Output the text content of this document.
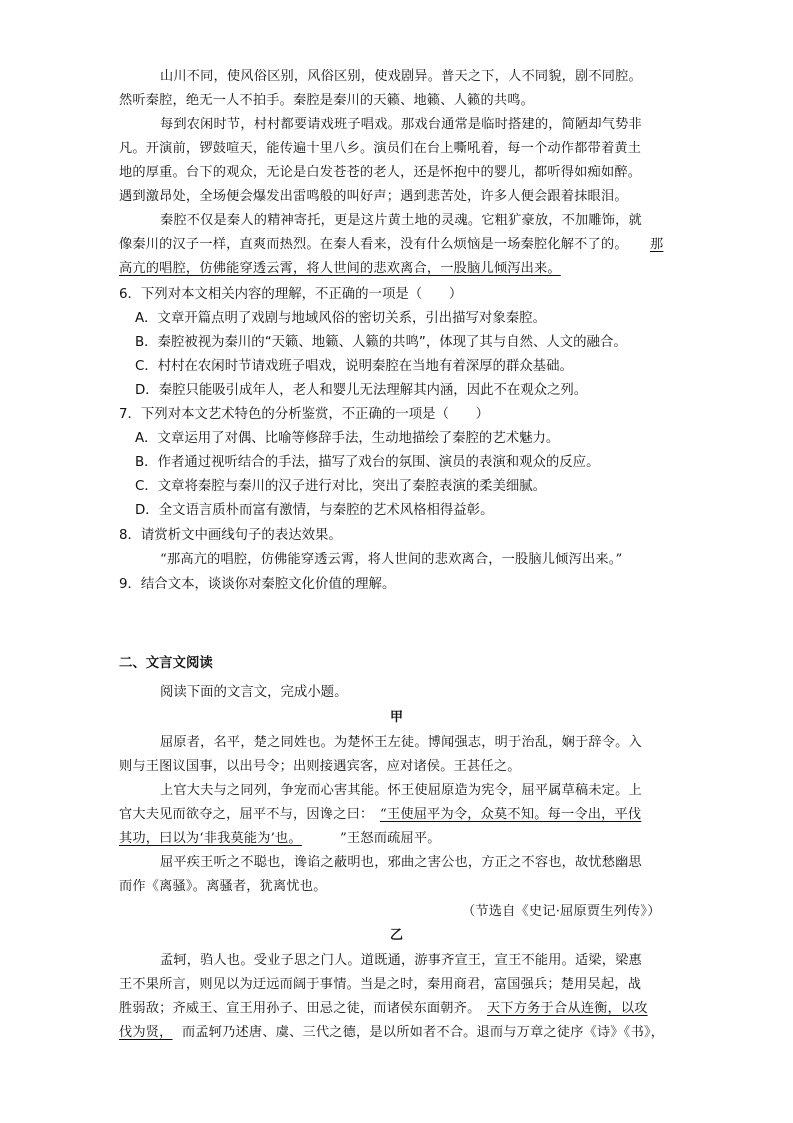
山川不同，使风俗区别，风俗区别，使戏剧异。普天之下，人不同貌，剧不同腔。
然听秦腔，绝无一人不拍手。秦腔是秦川的天籁、地籁、人籁的共鸣。
每到农闲时节，村村都要请戏班子唱戏。那戏台通常是临时搭建的，简陋却气势非
凡。开演前，锣鼓喧天，能传遍十里八乡。演员们在台上嘶吼着，每一个动作都带着黄土
地的厚重。台下的观众，无论是白发苍苍的老人，还是怀抱中的婴儿，都听得如痴如醉。
遇到激昂处，全场便会爆发出雷鸣般的叫好声；遇到悲苦处，许多人便会跟着抹眼泪。
秦腔不仅是秦人的精神寄托，更是这片黄土地的灵魂。它粗犷豪放，不加雕饰，就
像秦川的汉子一样，直爽而热烈。在秦人看来，没有什么烦恼是一场秦腔化解不了的。 那
高亢的唱腔，仿佛能穿透云霄，将人世间的悲欢离合，一股脑儿倾泻出来。
6．下列对本文相关内容的理解，不正确的一项是（　　）
A．文章开篇点明了戏剧与地域风俗的密切关系，引出描写对象秦腔。
B．秦腔被视为秦川的“天籁、地籁、人籁的共鸣”，体现了其与自然、人文的融合。
C．村村在农闲时节请戏班子唱戏，说明秦腔在当地有着深厚的群众基础。
D．秦腔只能吸引成年人，老人和婴儿无法理解其内涵，因此不在观众之列。
7．下列对本文艺术特色的分析鉴赏，不正确的一项是（　　）
A．文章运用了对偶、比喻等修辞手法，生动地描绘了秦腔的艺术魅力。
B．作者通过视听结合的手法，描写了戏台的氛围、演员的表演和观众的反应。
C．文章将秦腔与秦川的汉子进行对比，突出了秦腔表演的柔美细腻。
D．全文语言质朴而富有激情，与秦腔的艺术风格相得益彰。
8．请赏析文中画线句子的表达效果。
“那高亢的唱腔，仿佛能穿透云霄，将人世间的悲欢离合，一股脑儿倾泻出来。”
9．结合文本，谈谈你对秦腔文化价值的理解。
二、文言文阅读
阅读下面的文言文，完成小题。
甲
屈原者，名平，楚之同姓也。为楚怀王左徒。博闻强志，明于治乱，娴于辞令。入
则与王图议国事，以出号令；出则接遇宾客，应对诸侯。王甚任之。
上官大夫与之同列，争宠而心害其能。怀王使屈原造为宪令，屈平属草稿未定。上
官大夫见而欲夺之，屈平不与，因谗之曰： “王使屈平为令，众莫不知。每一令出，平伐
其功，曰以为‘非我莫能为’也。	”王怒而疏屈平。
屈平疾王听之不聪也，谗谄之蔽明也，邪曲之害公也，方正之不容也，故忧愁幽思
而作《离骚》。离骚者，犹离忧也。
（节选自《史记·屈原贾生列传》）
乙
孟轲，驺人也。受业子思之门人。道既通，游事齐宣王，宣王不能用。适梁，梁惠
王不果所言，则见以为迂远而阔于事情。当是之时，秦用商君，富国强兵；楚用吴起，战
胜弱敌；齐威王、宣王用孙子、田忌之徒，而诸侯东面朝齐。 天下方务于合从连衡，以攻
伐为贤， 而孟轲乃述唐、虞、三代之德，是以所如者不合。退而与万章之徒序《诗》《书》，
